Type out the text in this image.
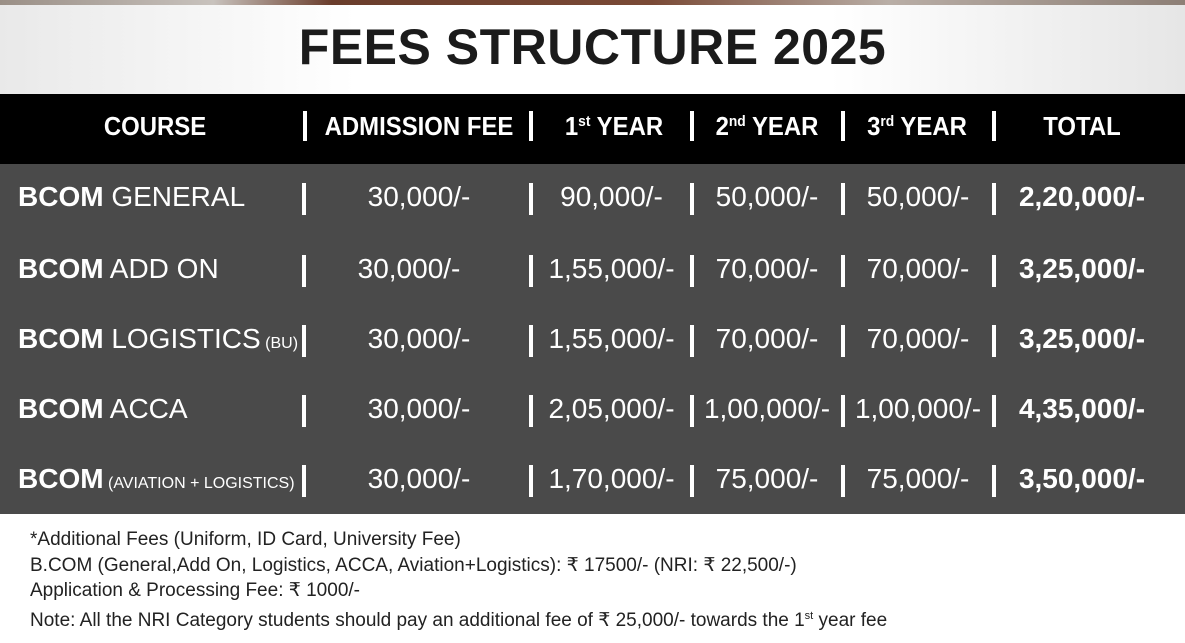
FEES STRUCTURE 2025
COURSE	ADMISSION FEE	1st YEAR	2nd YEAR	3rd YEAR	TOTAL
BCOM GENERAL	30,000/-	90,000/-	50,000/-	50,000/-	2,20,000/-
BCOM ADD ON	30,000/-	1,55,000/-	70,000/-	70,000/-	3,25,000/-
BCOM LOGISTICS (BU)	30,000/-	1,55,000/-	70,000/-	70,000/-	3,25,000/-
BCOM ACCA	30,000/-	2,05,000/-	1,00,000/- 1,00,000/-	4,35,000/-
BCOM (AVIATION + LOGISTICS)	30,000/-	1,70,000/-	75,000/-	75,000/-	3,50,000/-
*Additional Fees (Uniform, ID Card, University Fee)
B.COM (General,Add On, Logistics, ACCA, Aviation+Logistics): ₹ 17500/- (NRI: ₹ 22,500/-)
Application & Processing Fee: ₹ 1000/-
Note: All the NRI Category students should pay an additional fee of ₹ 25,000/- towards the 1st year fee
